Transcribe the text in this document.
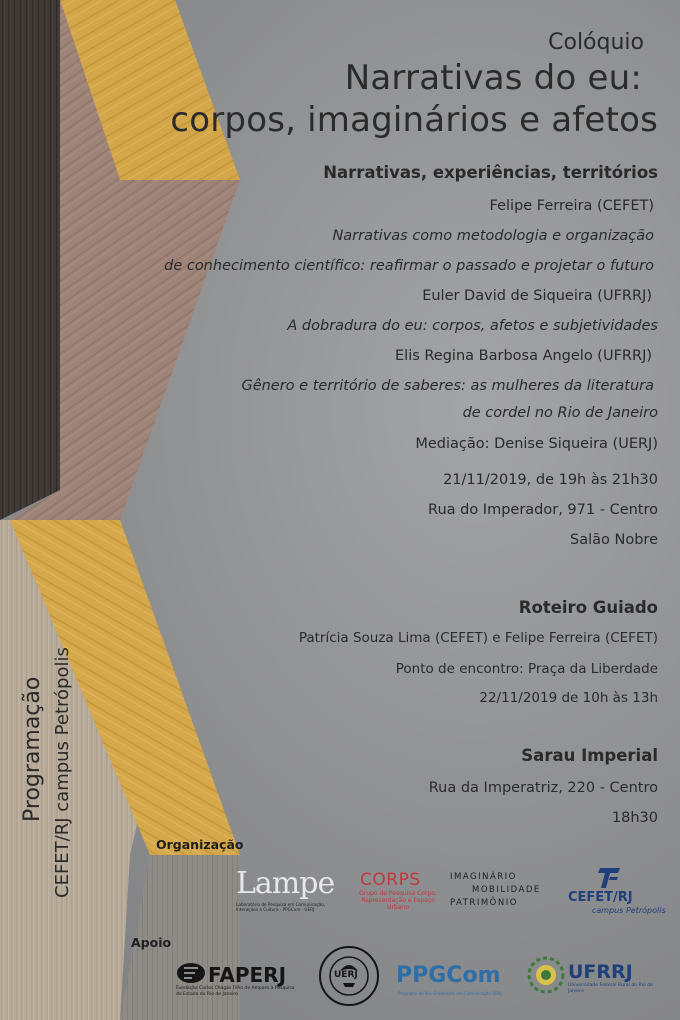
Colóquio
Narrativas do eu:
corpos, imaginários e afetos
Narrativas, experiências, territórios
Felipe Ferreira (CEFET)
Narrativas como metodologia e organização
de conhecimento científico: reafirmar o passado e projetar o futuro
Euler David de Siqueira (UFRRJ)
A dobradura do eu: corpos, afetos e subjetividades
Elis Regina Barbosa Angelo (UFRRJ)
Gênero e território de saberes: as mulheres da literatura
de cordel no Rio de Janeiro
Mediação: Denise Siqueira (UERJ)
21/11/2019, de 19h às 21h30
Rua do Imperador, 971 - Centro
Salão Nobre
Roteiro Guiado
Patrícia Souza Lima (CEFET) e Felipe Ferreira (CEFET)
Ponto de encontro: Praça da Liberdade
22/11/2019 de 10h às 13h
Sarau Imperial
Rua da Imperatriz, 220 - Centro
18h30
Programação CEFET/RJ campus Petrópolis	Organização
Apoio
Lampe
Laboratório de Pesquisa em Comunicação, Interações e Cultura · PPGCom · UERJ
CORPS
Grupo de Pesquisa Corpo, Representação e Espaço Urbano
IMAGINÁRIO
MOBILIDADE
PATRIMÔNIO	CEFET/RJ
campus Petrópolis
FAPERJ
Fundação Carlos Chagas Filho de Amparo à Pesquisa do Estado do Rio de Janeiro
UERJ PPGCom
Programa de Pós-Graduação em Comunicação UERJ
UFRRJ
Universidade Federal Rural do Rio de Janeiro
